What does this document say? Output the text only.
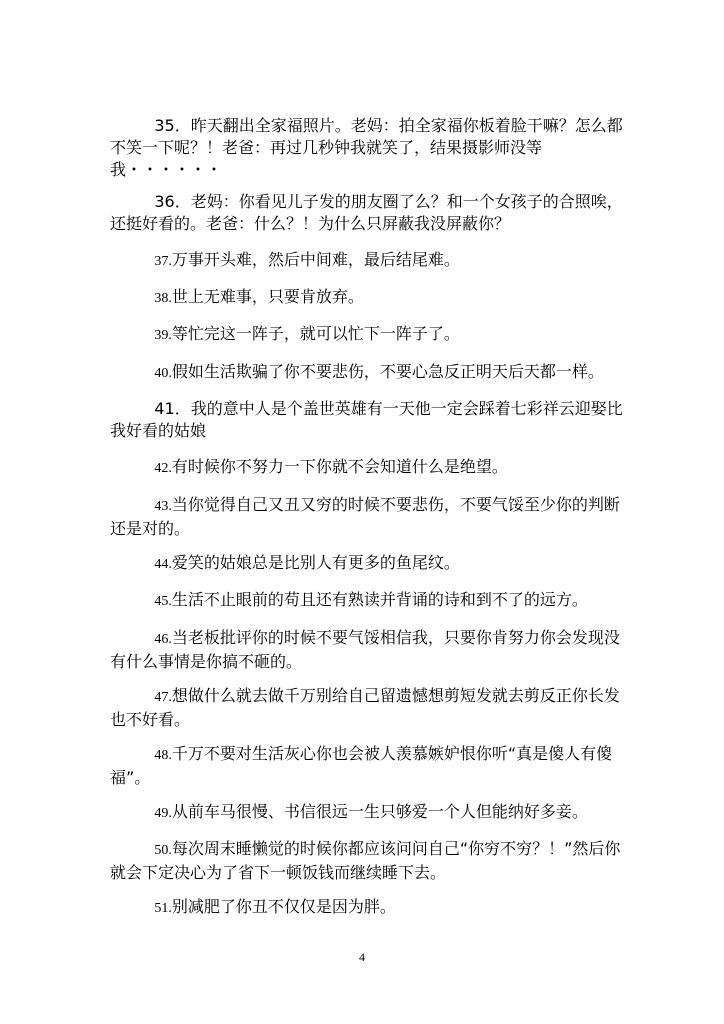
35．昨天翻出全家福照片。老妈：拍全家福你板着脸干嘛？怎么都不笑一下呢？！老爸：再过几秒钟我就笑了，结果摄影师没等我・・・・・・

36．老妈：你看见儿子发的朋友圈了么？和一个女孩子的合照唉，还挺好看的。老爸：什么？！为什么只屏蔽我没屏蔽你？

37.万事开头难，然后中间难，最后结尾难。

38.世上无难事，只要肯放弃。

39.等忙完这一阵子，就可以忙下一阵子了。

40.假如生活欺骗了你不要悲伤，不要心急反正明天后天都一样。

41．我的意中人是个盖世英雄有一天他一定会踩着七彩祥云迎娶比我好看的姑娘

42.有时候你不努力一下你就不会知道什么是绝望。

43.当你觉得自己又丑又穷的时候不要悲伤，不要气馁至少你的判断还是对的。

44.爱笑的姑娘总是比别人有更多的鱼尾纹。

45.生活不止眼前的苟且还有熟读并背诵的诗和到不了的远方。

46.当老板批评你的时候不要气馁相信我，只要你肯努力你会发现没有什么事情是你搞不砸的。

47.想做什么就去做千万别给自己留遗憾想剪短发就去剪反正你长发也不好看。

48.千万不要对生活灰心你也会被人羡慕嫉妒恨你听“真是傻人有傻福”。

49.从前车马很慢、书信很远一生只够爱一个人但能纳好多妾。

50.每次周末睡懒觉的时候你都应该问问自己“你穷不穷？！”然后你就会下定决心为了省下一顿饭钱而继续睡下去。

51.别减肥了你丑不仅仅是因为胖。

4
